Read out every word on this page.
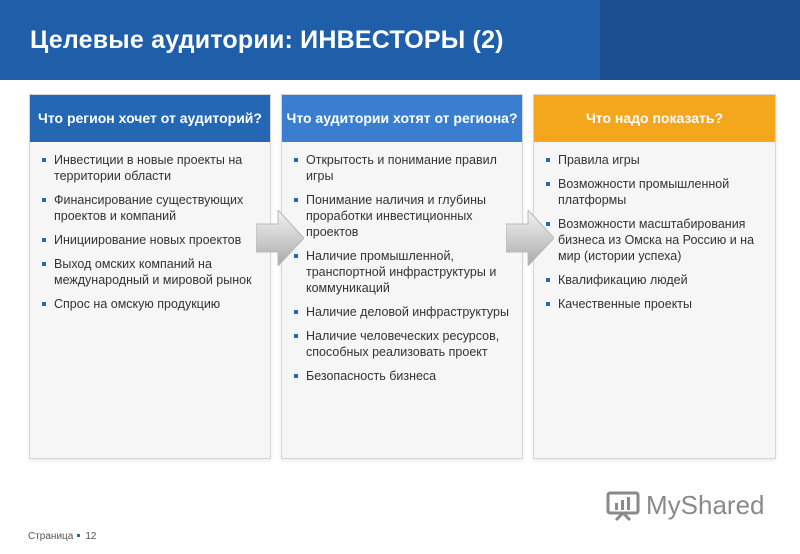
Целевые аудитории: ИНВЕСТОРЫ (2)
Что регион хочет от аудиторий?
Инвестиции в новые проекты на территории области
Финансирование существующих проектов и компаний
Инициирование новых проектов
Выход омских компаний на международный и мировой рынок
Спрос на омскую продукцию
Что аудитории хотят от региона?
Открытость и понимание правил игры
Понимание наличия и глубины проработки инвестиционных проектов
Наличие промышленной, транспортной инфраструктуры и коммуникаций
Наличие деловой инфраструктуры
Наличие человеческих ресурсов, способных реализовать проект
Безопасность бизнеса
Что надо показать?
Правила игры
Возможности промышленной платформы
Возможности масштабирования бизнеса из Омска на Россию и на мир (истории успеха)
Квалификацию людей
Качественные проекты
Страница 12
MyShared
